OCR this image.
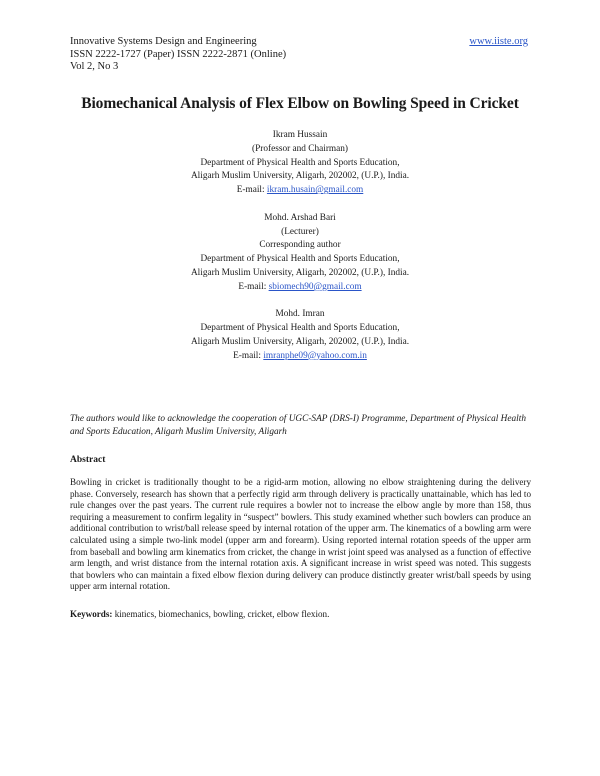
Innovative Systems Design and Engineering
ISSN 2222-1727 (Paper) ISSN 2222-2871 (Online)
Vol 2, No 3
www.iiste.org
Biomechanical Analysis of Flex Elbow on Bowling Speed in Cricket
Ikram Hussain
(Professor and Chairman)
Department of Physical Health and Sports Education,
Aligarh Muslim University, Aligarh, 202002, (U.P.), India.
E-mail: ikram.husain@gmail.com
Mohd. Arshad Bari
(Lecturer)
Corresponding author
Department of Physical Health and Sports Education,
Aligarh Muslim University, Aligarh, 202002, (U.P.), India.
E-mail: sbiomech90@gmail.com
Mohd. Imran
Department of Physical Health and Sports Education,
Aligarh Muslim University, Aligarh, 202002, (U.P.), India.
E-mail: imranphe09@yahoo.com.in
The authors would like to acknowledge the cooperation of UGC-SAP (DRS-I) Programme, Department of Physical Health and Sports Education, Aligarh Muslim University, Aligarh
Abstract
Bowling in cricket is traditionally thought to be a rigid-arm motion, allowing no elbow straightening during the delivery phase. Conversely, research has shown that a perfectly rigid arm through delivery is practically unattainable, which has led to rule changes over the past years. The current rule requires a bowler not to increase the elbow angle by more than 158, thus requiring a measurement to confirm legality in “suspect” bowlers. This study examined whether such bowlers can produce an additional contribution to wrist/ball release speed by internal rotation of the upper arm. The kinematics of a bowling arm were calculated using a simple two-link model (upper arm and forearm). Using reported internal rotation speeds of the upper arm from baseball and bowling arm kinematics from cricket, the change in wrist joint speed was analysed as a function of effective arm length, and wrist distance from the internal rotation axis. A significant increase in wrist speed was noted. This suggests that bowlers who can maintain a fixed elbow flexion during delivery can produce distinctly greater wrist/ball speeds by using upper arm internal rotation.
Keywords: kinematics, biomechanics, bowling, cricket, elbow flexion.
